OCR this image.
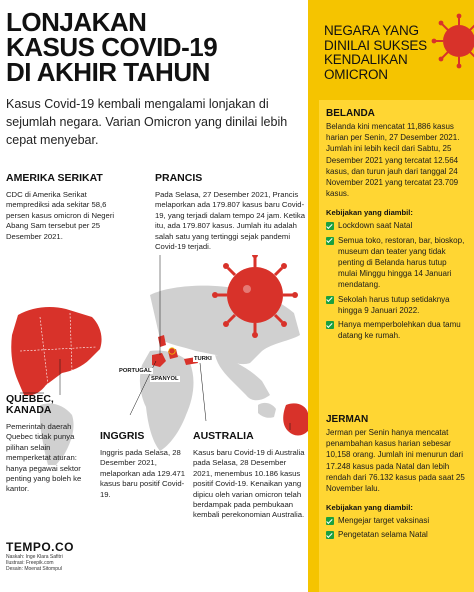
TURKI
PORTUGAL
SPANYOL
LONJAKAN
KASUS COVID-19
DI AKHIR TAHUN

Kasus Covid-19 kembali mengalami lonjakan di sejumlah negara. Varian Omicron yang dinilai lebih cepat menyebar.

AMERIKA SERIKAT

CDC di Amerika Serikat memprediksi ada sekitar 58,6 persen kasus omicron di Negeri Abang Sam tersebut per 25 Desember 2021.

PRANCIS

Pada Selasa, 27 Desember 2021, Prancis melaporkan ada 179.807 kasus baru Covid-19, yang terjadi dalam tempo 24 jam. Ketika itu, ada 179.807 kasus. Jumlah itu adalah salah satu yang tertinggi sejak pandemi Covid-19 terjadi.

QUEBEC,
KANADA

Pemerintah daerah Quebec tidak punya pilihan selain memperketat aturan: hanya pegawai sektor penting yang boleh ke kantor.

INGGRIS

Inggris pada Selasa, 28 Desember 2021, melaporkan ada 129.471 kasus baru positif Covid-19.

AUSTRALIA

Kasus baru Covid-19 di Australia pada Selasa, 28 Desember 2021, menembus 10.186 kasus positif Covid-19. Kenaikan yang dipicu oleh varian omicron telah berdampak pada pembukaan kembali perekonomian Australia.

TEMPO.CO
Naskah: Inge Klara Safitri
Ilustrasi: Freepik.com
Desain: Moenat Sitompul
NEGARA YANG
DINILAI SUKSES
KENDALIKAN
OMICRON
BELANDA

Belanda kini mencatat 11,886 kasus harian per Senin, 27 Desember 2021. Jumlah ini lebih kecil dari Sabtu, 25 Desember 2021 yang tercatat 12.564 kasus, dan turun jauh dari tanggal 24 November 2021 yang tercatat 23.709 kasus.

Kebijakan yang diambil:
Lockdown saat Natal
Semua toko, restoran, bar, bioskop, museum dan teater yang tidak penting di Belanda harus tutup mulai Minggu hingga 14 Januari mendatang.
Sekolah harus tutup setidaknya hingga 9 Januari 2022.
Hanya memperbolehkan dua tamu datang ke rumah.
JERMAN

Jerman per Senin hanya mencatat penambahan kasus harian sebesar 10,158 orang. Jumlah ini menurun dari 17.248 kasus pada Natal dan lebih rendah dari 76.132 kasus pada saat 25 November lalu.

Kebijakan yang diambil:
Mengejar target vaksinasi
Pengetatan selama Natal
